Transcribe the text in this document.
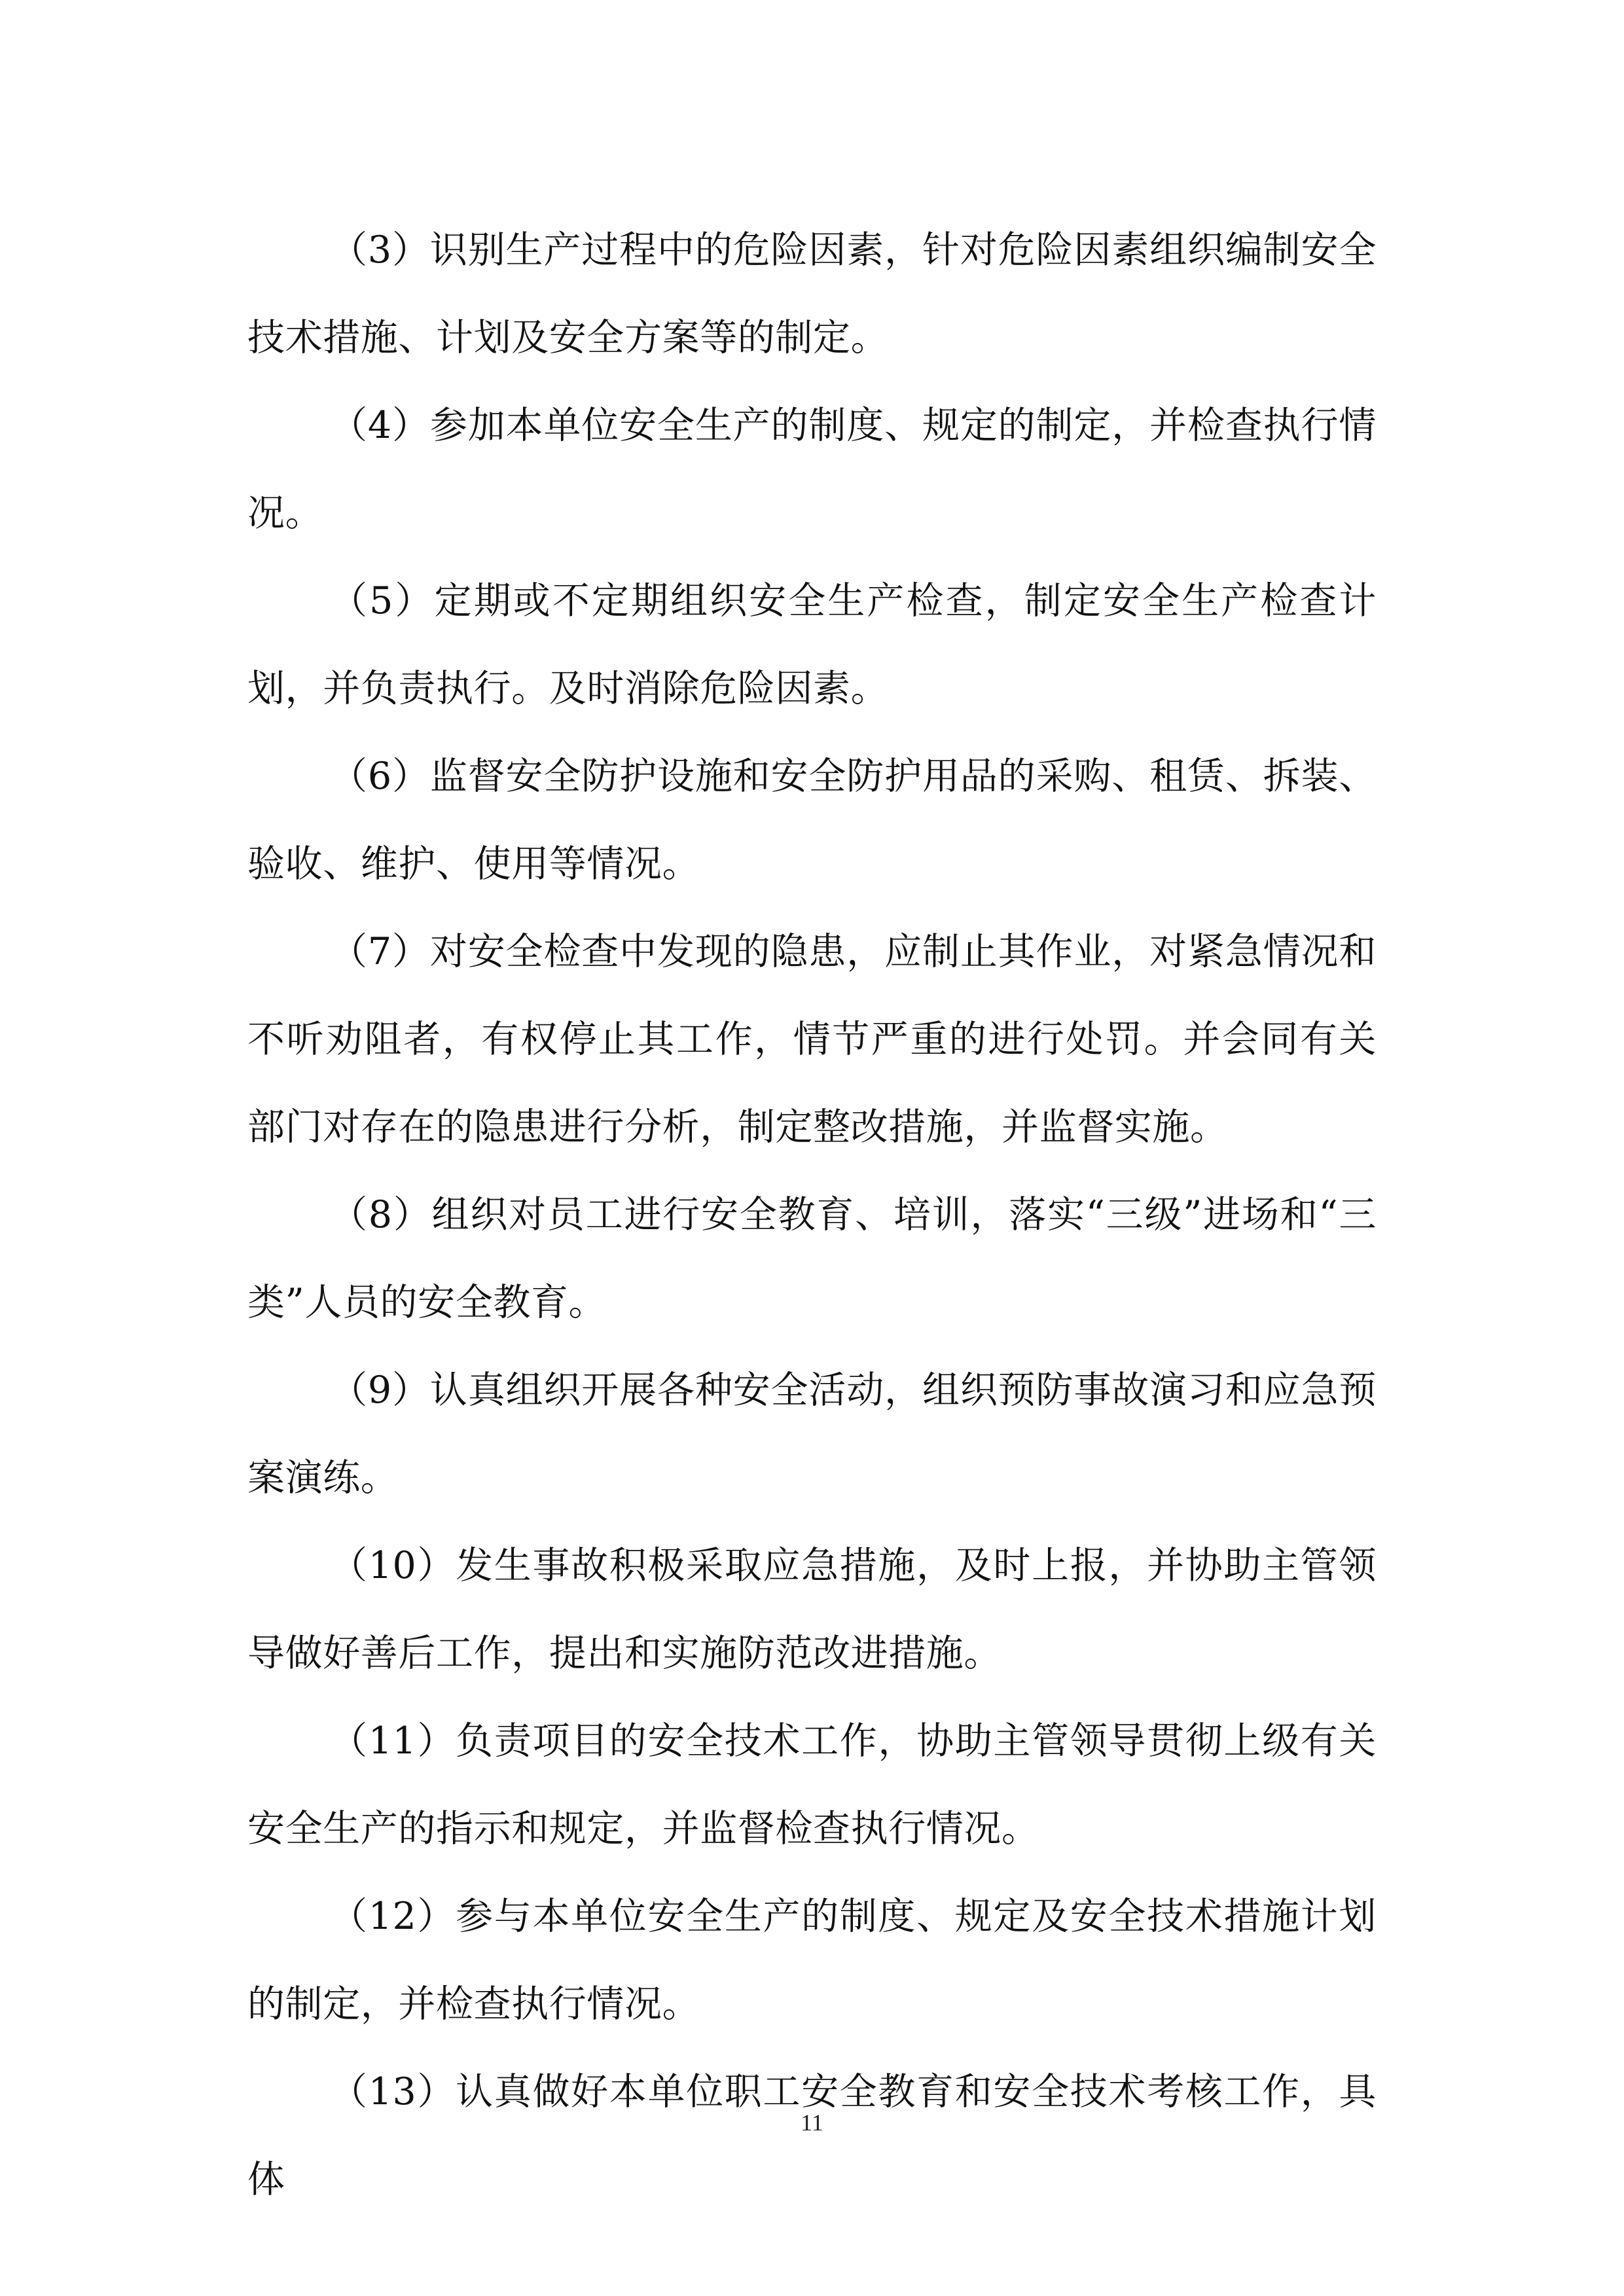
（3）识别生产过程中的危险因素，针对危险因素组织编制安全技术措施、计划及安全方案等的制定。

（4）参加本单位安全生产的制度、规定的制定，并检查执行情况。

（5）定期或不定期组织安全生产检查，制定安全生产检查计划，并负责执行。及时消除危险因素。

（6）监督安全防护设施和安全防护用品的采购、租赁、拆装、验收、维护、使用等情况。

（7）对安全检查中发现的隐患，应制止其作业，对紧急情况和不听劝阻者，有权停止其工作，情节严重的进行处罚。并会同有关部门对存在的隐患进行分析，制定整改措施，并监督实施。

（8）组织对员工进行安全教育、培训，落实“三级”进场和“三类”人员的安全教育。

（9）认真组织开展各种安全活动，组织预防事故演习和应急预案演练。

（10）发生事故积极采取应急措施，及时上报，并协助主管领导做好善后工作，提出和实施防范改进措施。

（11）负责项目的安全技术工作，协助主管领导贯彻上级有关安全生产的指示和规定，并监督检查执行情况。

（12）参与本单位安全生产的制度、规定及安全技术措施计划的制定，并检查执行情况。

（13）认真做好本单位职工安全教育和安全技术考核工作，具体

11
